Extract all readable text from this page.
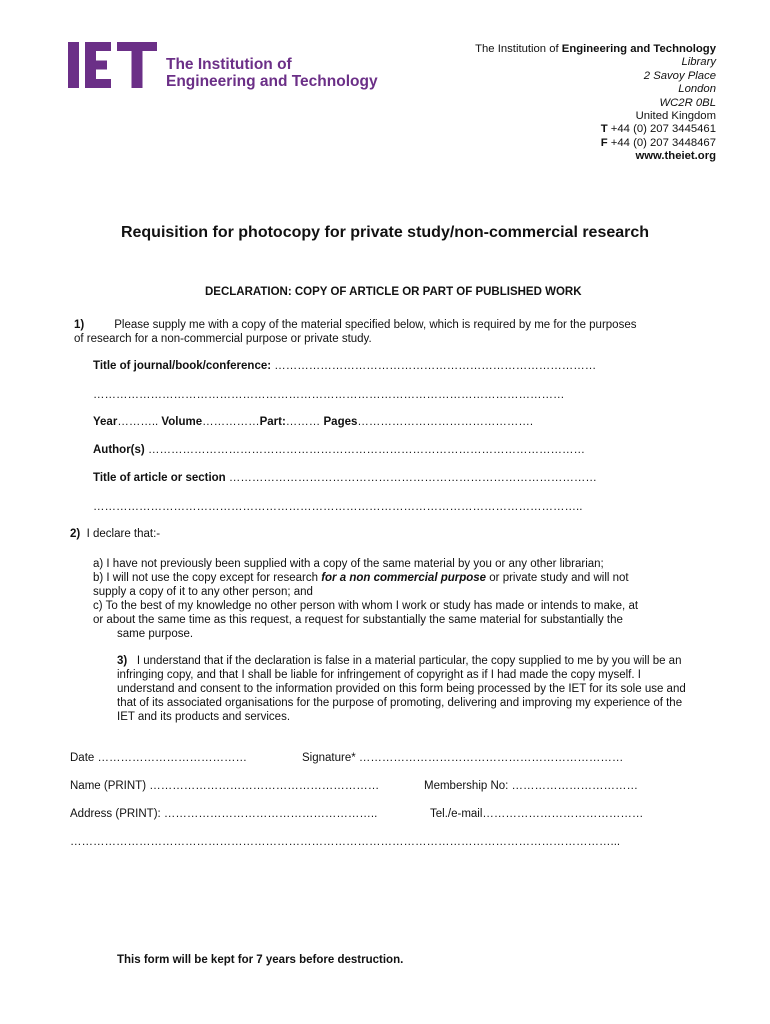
The Institution of
Engineering and Technology
The Institution of Engineering and Technology
Library
2 Savoy Place
London
WC2R 0BL
United Kingdom
T +44 (0) 207 3445461
F +44 (0) 207 3448467
www.theiet.org
Requisition for photocopy for private study/non-commercial research
DECLARATION: COPY OF ARTICLE OR PART OF PUBLISHED WORK
1)	Please supply me with a copy of the material specified below, which is required by me for the purposes
of research for a non-commercial purpose or private study.
Title of journal/book/conference: …………………………………………………………………………
……………………………………………………………………………………………………………
Year……….. Volume……………Part:……… Pages……………………………………….
Author(s) ……………………………………………………………………………………………………
Title of article or section ……………………………………………………………………………………
………………………………………………………………………………………………………………..
2) I declare that:-
a) I have not previously been supplied with a copy of the same material by you or any other librarian;
b) I will not use the copy except for research for a non commercial purpose or private study and will not
supply a copy of it to any other person; and
c) To the best of my knowledge no other person with whom I work or study has made or intends to make, at
or about the same time as this request, a request for substantially the same material for substantially the
same purpose.
3) I understand that if the declaration is false in a material particular, the copy supplied to me by you will be an
infringing copy, and that I shall be liable for infringement of copyright as if I had made the copy myself. I
understand and consent to the information provided on this form being processed by the IET for its sole use and
that of its associated organisations for the purpose of promoting, delivering and improving my experience of the
IET and its products and services.
Date …………………………………	Signature* ……………………………………………………………
Name (PRINT) ……………………………………………………	Membership No: ……………………………
Address (PRINT): ………………………………………………..	Tel./e-mail……………………………………
……………………………………………………………………………………………………………………………...
This form will be kept for 7 years before destruction.
